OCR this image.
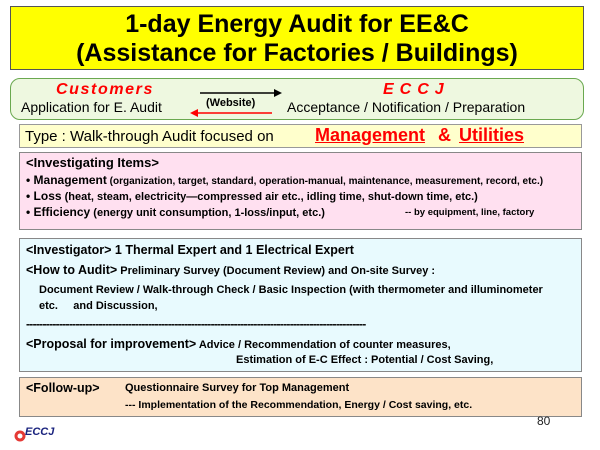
1-day Energy Audit for EE&C
(Assistance for Factories / Buildings)
Customers
Application for E. Audit	(Website)
ECCJ
Acceptance / Notification / Preparation
Type : Walk-through Audit focused on Management & Utilities
<Investigating Items>
• Management (organization, target, standard, operation-manual, maintenance, measurement, record, etc.)
• Loss (heat, steam, electricity—compressed air etc., idling time, shut-down time, etc.)
• Efficiency (energy unit consumption, 1-loss/input, etc.)	-- by equipment, line, factory
<Investigator> 1 Thermal Expert and 1 Electrical Expert
<How to Audit> Preliminary Survey (Document Review) and On-site Survey :
Document Review / Walk-through Check / Basic Inspection (with thermometer and illuminometer
etc.     and Discussion,
-------------------------------------------------------------------------------------------------------
<Proposal for improvement> Advice / Recommendation of counter measures,
Estimation of E-C Effect : Potential / Cost Saving,
<Follow-up> Questionnaire Survey for Top Management
--- Implementation of the Recommendation, Energy / Cost saving, etc.
80
ECCJ
